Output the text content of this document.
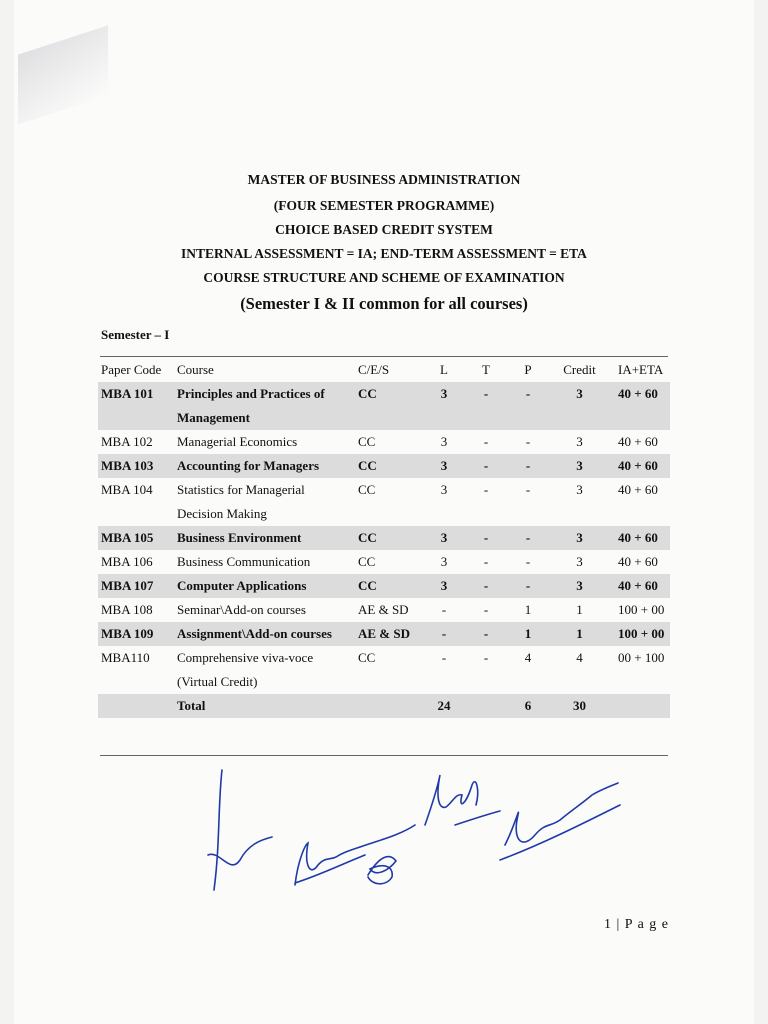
MASTER OF BUSINESS ADMINISTRATION
(FOUR SEMESTER PROGRAMME)
CHOICE BASED CREDIT SYSTEM
INTERNAL ASSESSMENT = IA; END-TERM ASSESSMENT = ETA
COURSE STRUCTURE AND SCHEME OF EXAMINATION
(Semester I & II common for all courses)
Semester – I
Paper Code	Course	C/E/S	L	T	P	Credit	IA+ETA
MBA 101	Principles and Practices of Management	CC	3	-	-	3	40 + 60
MBA 102	Managerial Economics	CC	3	-	-	3	40 + 60
MBA 103	Accounting for Managers	CC	3	-	-	3	40 + 60
MBA 104	Statistics for Managerial Decision Making	CC	3	-	-	3	40 + 60
MBA 105	Business Environment	CC	3	-	-	3	40 + 60
MBA 106	Business Communication	CC	3	-	-	3	40 + 60
MBA 107	Computer Applications	CC	3	-	-	3	40 + 60
MBA 108	Seminar\Add-on courses	AE & SD	-	-	1	1	100 + 00
MBA 109	Assignment\Add-on courses	AE & SD	-	-	1	1	100 + 00
MBA110	Comprehensive viva-voce (Virtual Credit)	CC	-	-	4	4	00 + 100
	Total		24		6	30	
1 | P a g e
